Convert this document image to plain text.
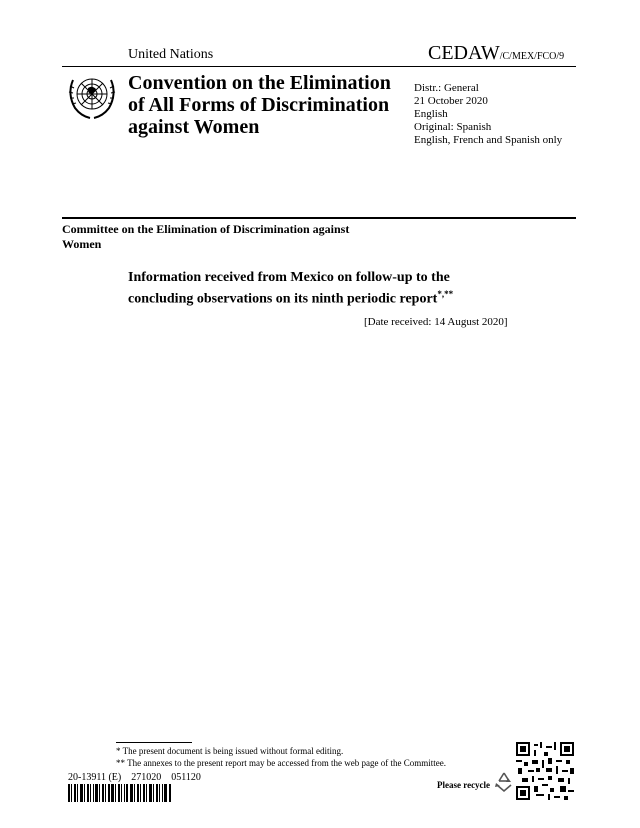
United Nations	CEDAW/C/MEX/FCO/9
Convention on the Elimination of All Forms of Discrimination against Women
Distr.: General
21 October 2020
English
Original: Spanish
English, French and Spanish only
Committee on the Elimination of Discrimination against Women
Information received from Mexico on follow-up to the concluding observations on its ninth periodic report*,**
[Date received: 14 August 2020]
* The present document is being issued without formal editing.
** The annexes to the present report may be accessed from the web page of the Committee.
20-13911 (E)    271020    051120
Please recycle
